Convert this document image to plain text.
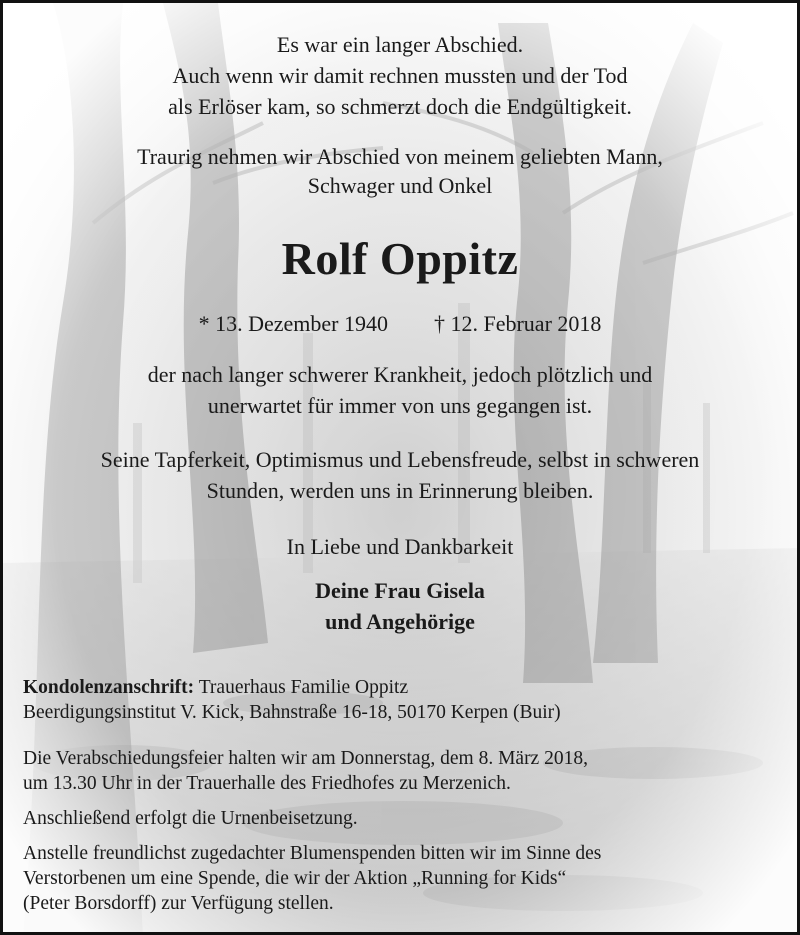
Es war ein langer Abschied.

Auch wenn wir damit rechnen mussten und der Tod

als Erlöser kam, so schmerzt doch die Endgültigkeit.

Traurig nehmen wir Abschied von meinem geliebten Mann,

Schwager und Onkel

Rolf Oppitz

* 13. Dezember 1940 † 12. Februar 2018

der nach langer schwerer Krankheit, jedoch plötzlich und

unerwartet für immer von uns gegangen ist.

Seine Tapferkeit, Optimismus und Lebensfreude, selbst in schweren

Stunden, werden uns in Erinnerung bleiben.

In Liebe und Dankbarkeit

Deine Frau Gisela

und Angehörige

Kondolenzanschrift: Trauerhaus Familie Oppitz

Beerdigungsinstitut V. Kick, Bahnstraße 16-18, 50170 Kerpen (Buir)

Die Verabschiedungsfeier halten wir am Donnerstag, dem 8. März 2018,

um 13.30 Uhr in der Trauerhalle des Friedhofes zu Merzenich.

Anschließend erfolgt die Urnenbeisetzung.

Anstelle freundlichst zugedachter Blumenspenden bitten wir im Sinne des

Verstorbenen um eine Spende, die wir der Aktion „Running for Kids“

(Peter Borsdorff) zur Verfügung stellen.
